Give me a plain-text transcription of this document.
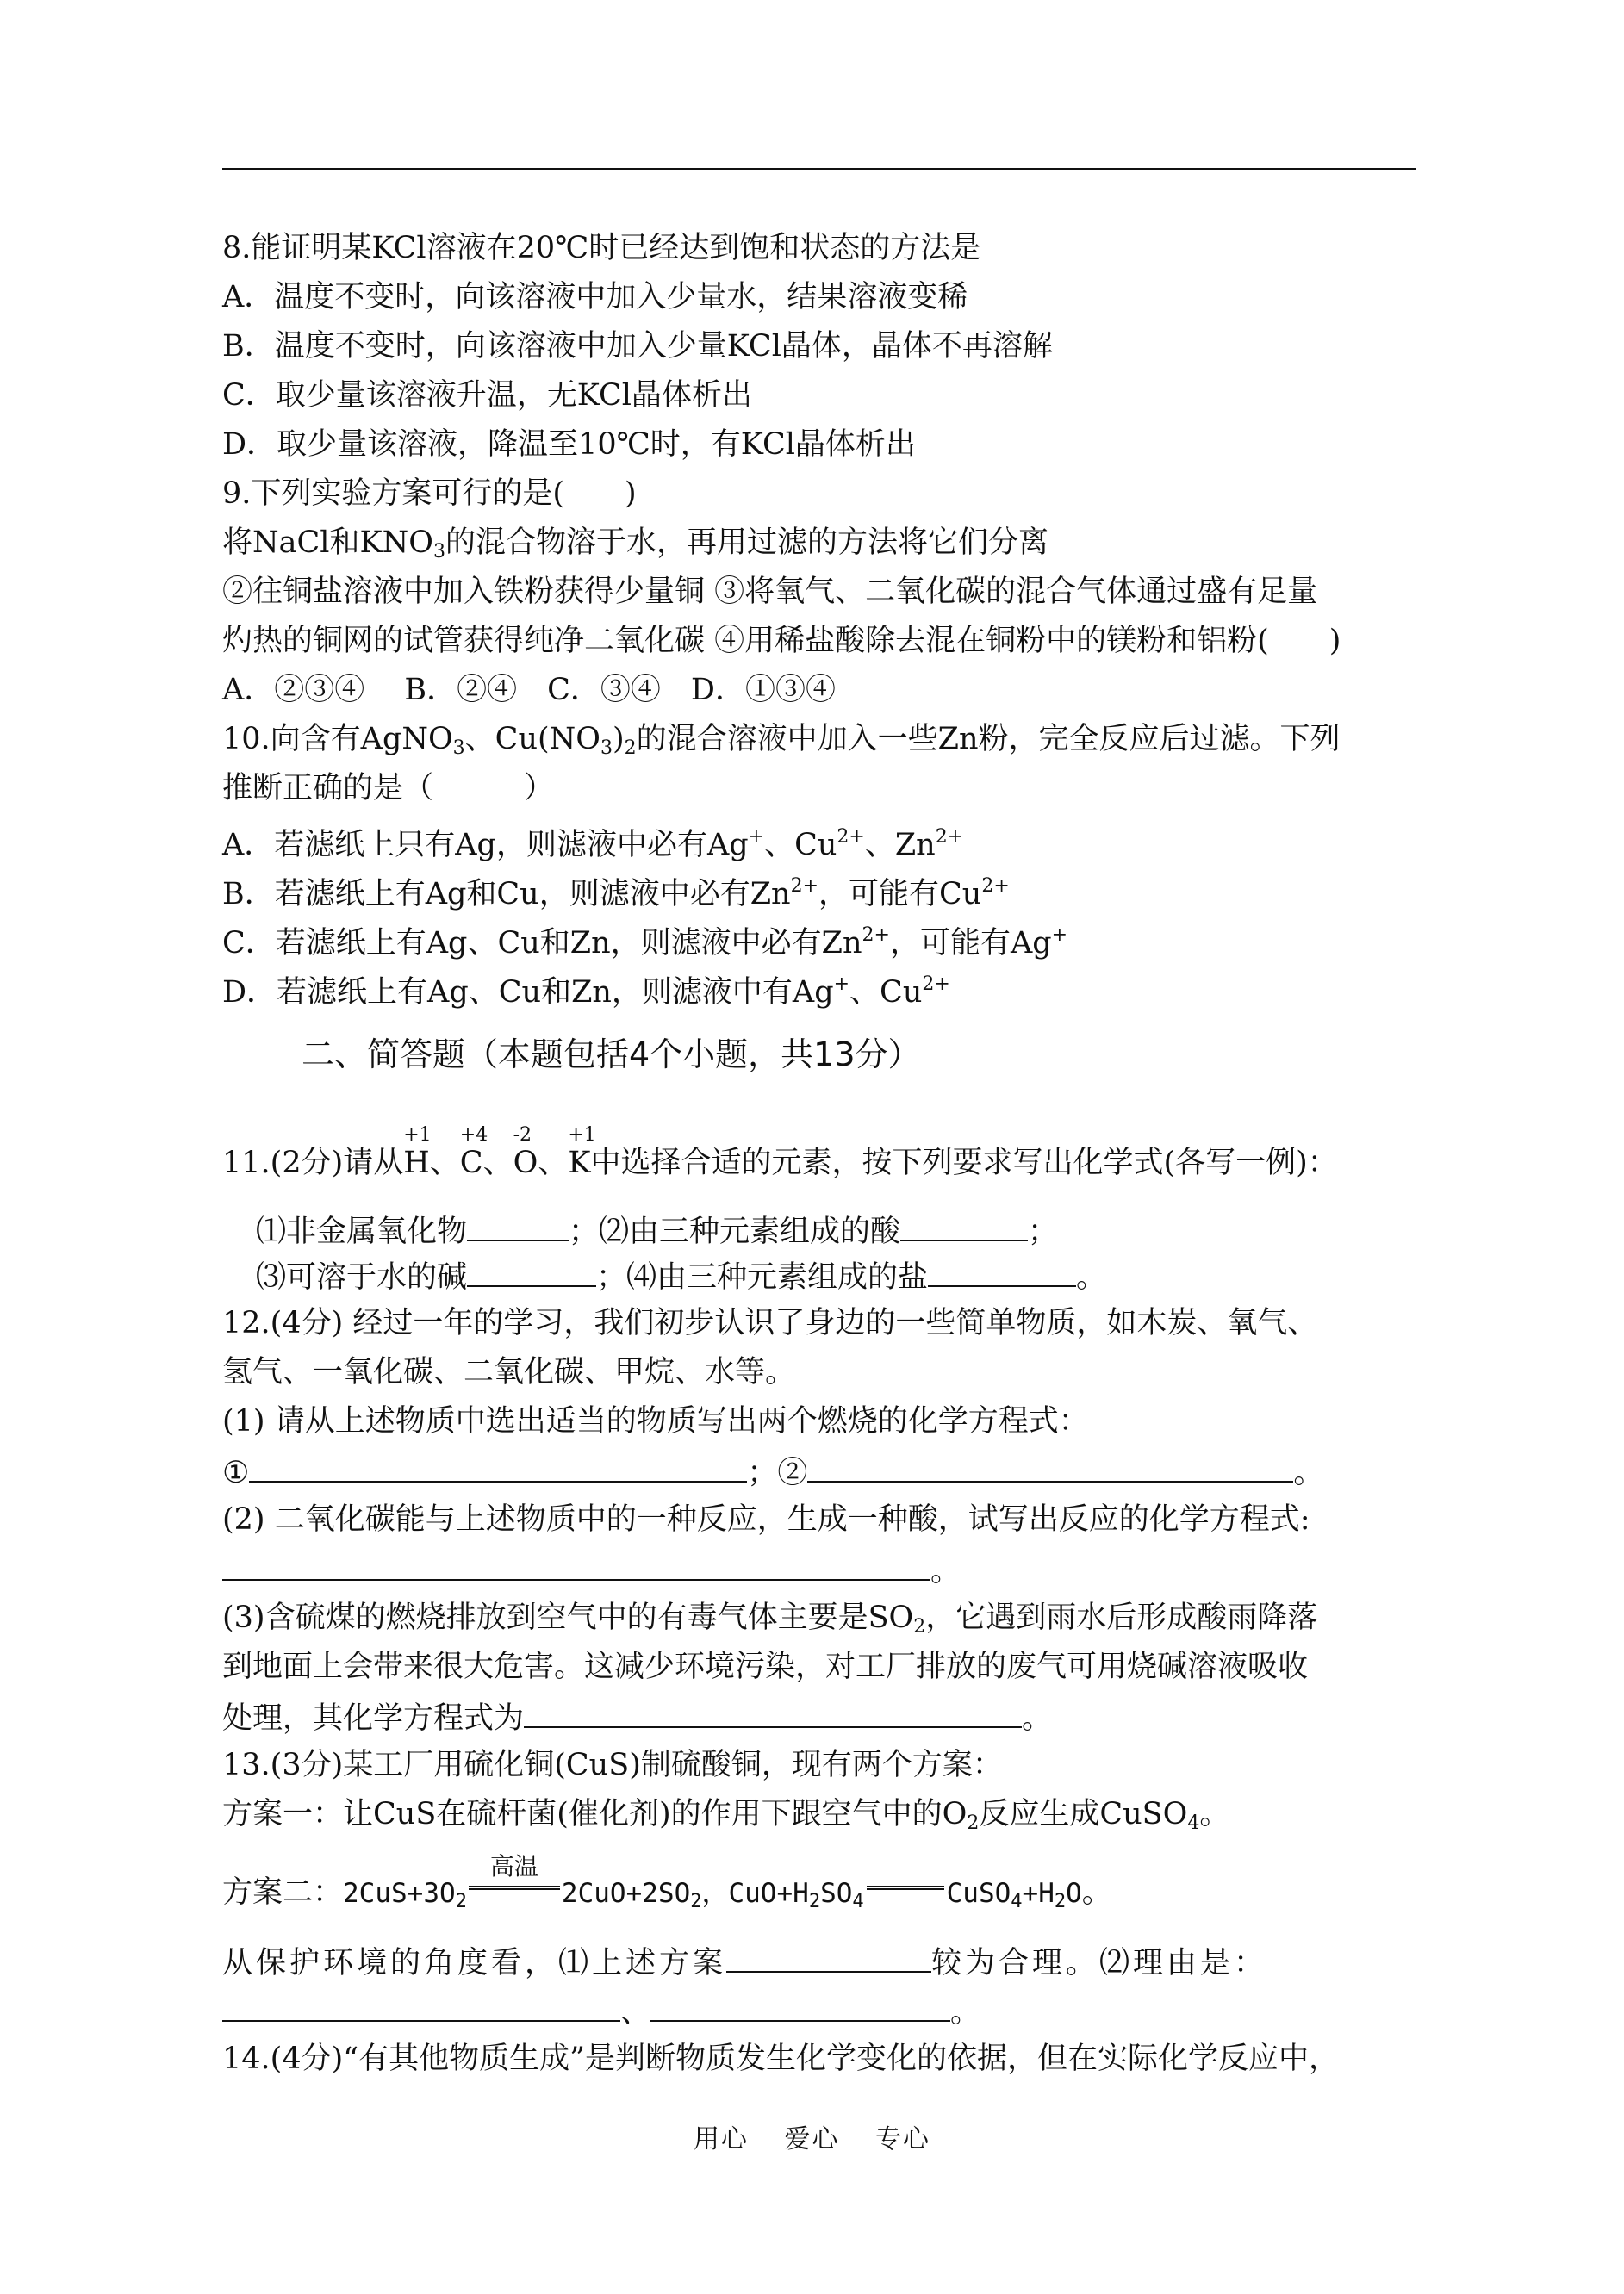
8.能证明某KCl溶液在20℃时已经达到饱和状态的方法是
A．温度不变时，向该溶液中加入少量水，结果溶液变稀
B．温度不变时，向该溶液中加入少量KCl晶体，晶体不再溶解
C．取少量该溶液升温，无KCl晶体析出
D．取少量该溶液，降温至10℃时，有KCl晶体析出
9.下列实验方案可行的是(　　)
将NaCl和$KNO_3$的混合物溶于水，再用过滤的方法将它们分离
②往铜盐溶液中加入铁粉获得少量铜 ③将氧气、二氧化碳的混合气体通过盛有足量
灼热的铜网的试管获得纯净二氧化碳 ④用稀盐酸除去混在铜粉中的镁粉和铝粉(　　)
A．②③④　 B．②④　C．③④　D．①③④
10.向含有AgNO$_3$、$Cu(NO_3)_2$的混合溶液中加入一些Zn粉，完全反应后过滤。下列
推断正确的是（　　　）
A．若滤纸上只有Ag，则滤液中必有Ag+、$Cu^{2+}$、$Zn^{2+}$
B．若滤纸上有Ag和Cu，则滤液中必有$Zn^{2+}$，可能有$Cu^{2+}$
C．若滤纸上有Ag、Cu和Zn，则滤液中必有$Zn^{2+}$，可能有Ag+
D．若滤纸上有Ag、Cu和Zn，则滤液中有Ag+、$Cu^{2+}$
二、简答题（本题包括4个小题，共13分）
11.(2分)请从
+1
H、
+4
C、
-2
O、
+1
K中选择合适的元素，按下列要求写出化学式(各写一例)：
⑴非金属氧化物	；⑵由三种元素组成的酸	；
⑶可溶于水的碱	；⑷由三种元素组成的盐	。
12.(4分) 经过一年的学习，我们初步认识了身边的一些简单物质，如木炭、氧气、
氢气、一氧化碳、二氧化碳、甲烷、水等。
(1) 请从上述物质中选出适当的物质写出两个燃烧的化学方程式：
①	；②	。
(2) 二氧化碳能与上述物质中的一种反应，生成一种酸，试写出反应的化学方程式:
。
(3)含硫煤的燃烧排放到空气中的有毒气体主要是$SO_2$，它遇到雨水后形成酸雨降落
到地面上会带来很大危害。这减少环境污染，对工厂排放的废气可用烧碱溶液吸收
处理，其化学方程式为	。
13.(3分)某工厂用硫化铜(CuS)制硫酸铜，现有两个方案：
方案一：让CuS在硫杆菌(催化剂)的作用下跟空气中的$O_2$反应生成CuSO$_4$。
方案二：$2CuS+3O_2$
高温
$2CuO+2SO_2$，$CuO+H_2SO_4$	$CuSO_4+H_2O$。
从保护环境的角度看，⑴上述方案	较为合理。⑵理由是：
、	。
14.(4分)“有其他物质生成”是判断物质发生化学变化的依据，但在实际化学反应中，
用心 爱心 专心
